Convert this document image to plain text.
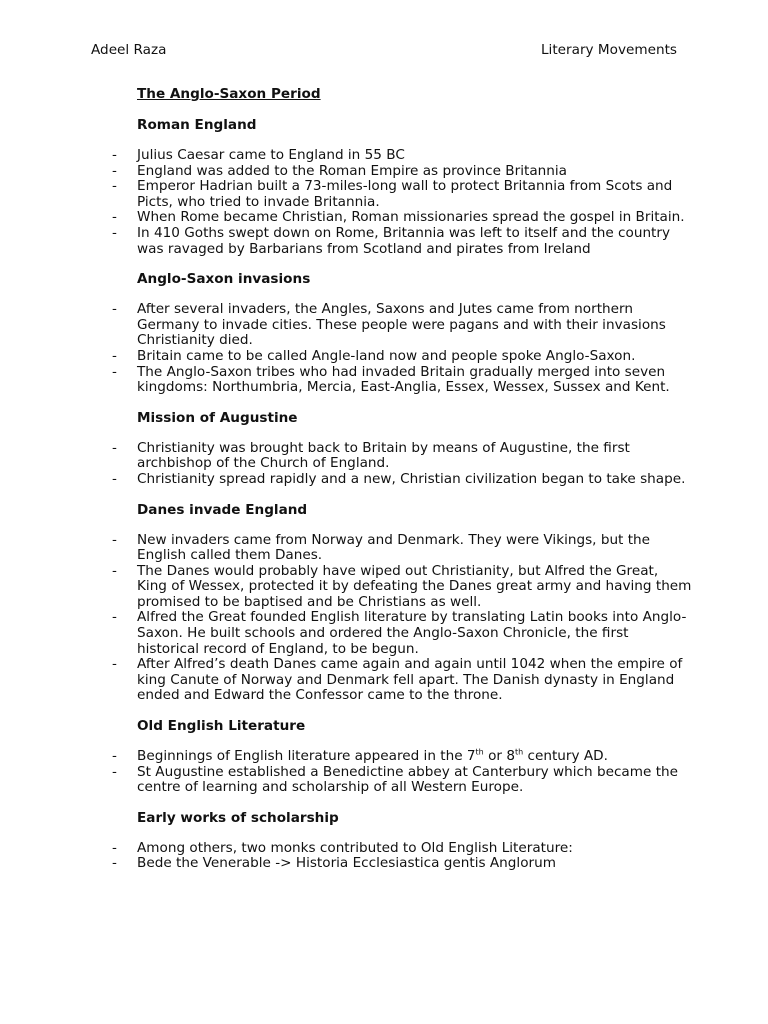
Adeel Raza	Literary Movements
The Anglo-Saxon Period
Roman England
-	Julius Caesar came to England in 55 BC
-	England was added to the Roman Empire as province Britannia
-	Emperor Hadrian built a 73-miles-long wall to protect Britannia from Scots and Picts, who tried to invade Britannia.
-	When Rome became Christian, Roman missionaries spread the gospel in Britain.
-	In 410 Goths swept down on Rome, Britannia was left to itself and the country was ravaged by Barbarians from Scotland and pirates from Ireland
Anglo-Saxon invasions
-	After several invaders, the Angles, Saxons and Jutes came from northern Germany to invade cities. These people were pagans and with their invasions Christianity died.
-	Britain came to be called Angle-land now and people spoke Anglo-Saxon.
-	The Anglo-Saxon tribes who had invaded Britain gradually merged into seven kingdoms: Northumbria, Mercia, East-Anglia, Essex, Wessex, Sussex and Kent.
Mission of Augustine
-	Christianity was brought back to Britain by means of Augustine, the first archbishop of the Church of England.
-	Christianity spread rapidly and a new, Christian civilization began to take shape.
Danes invade England
-	New invaders came from Norway and Denmark. They were Vikings, but the English called them Danes.
-	The Danes would probably have wiped out Christianity, but Alfred the Great, King of Wessex, protected it by defeating the Danes great army and having them promised to be baptised and be Christians as well.
-	Alfred the Great founded English literature by translating Latin books into Anglo-Saxon. He built schools and ordered the Anglo-Saxon Chronicle, the first historical record of England, to be begun.
-	After Alfred’s death Danes came again and again until 1042 when the empire of king Canute of Norway and Denmark fell apart. The Danish dynasty in England ended and Edward the Confessor came to the throne.
Old English Literature
-	Beginnings of English literature appeared in the 7th or 8th century AD.
-	St Augustine established a Benedictine abbey at Canterbury which became the centre of learning and scholarship of all Western Europe.
Early works of scholarship
-	Among others, two monks contributed to Old English Literature:
-	Bede the Venerable -> Historia Ecclesiastica gentis Anglorum
